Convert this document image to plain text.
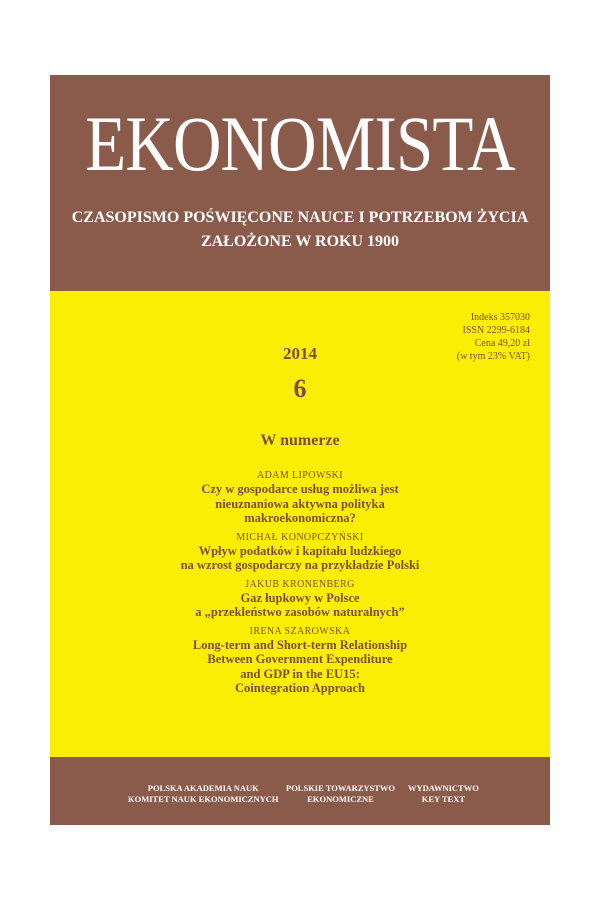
EKONOMISTA
CZASOPISMO POŚWIĘCONE NAUCE I POTRZEBOM ŻYCIA
ZAŁOŻONE W ROKU 1900
Indeks 357030
ISSN 2299-6184
Cena 49,20 zł
(w tym 23% VAT)
2014
6
W numerze
ADAM LIPOWSKI
Czy w gospodarce usług możliwa jest
nieuznaniowa aktywna polityka
makroekonomiczna?
MICHAŁ KONOPCZYŃSKI
Wpływ podatków i kapitału ludzkiego
na wzrost gospodarczy na przykładzie Polski
JAKUB KRONENBERG
Gaz łupkowy w Polsce
a „przekleństwo zasobów naturalnych”
IRENA SZAROWSKA
Long-term and Short-term Relationship
Between Government Expenditure
and GDP in the EU15:
Cointegration Approach
POLSKA AKADEMIA NAUK
KOMITET NAUK EKONOMICZNYCH
POLSKIE TOWARZYSTWO
EKONOMICZNE
WYDAWNICTWO
KEY TEXT
